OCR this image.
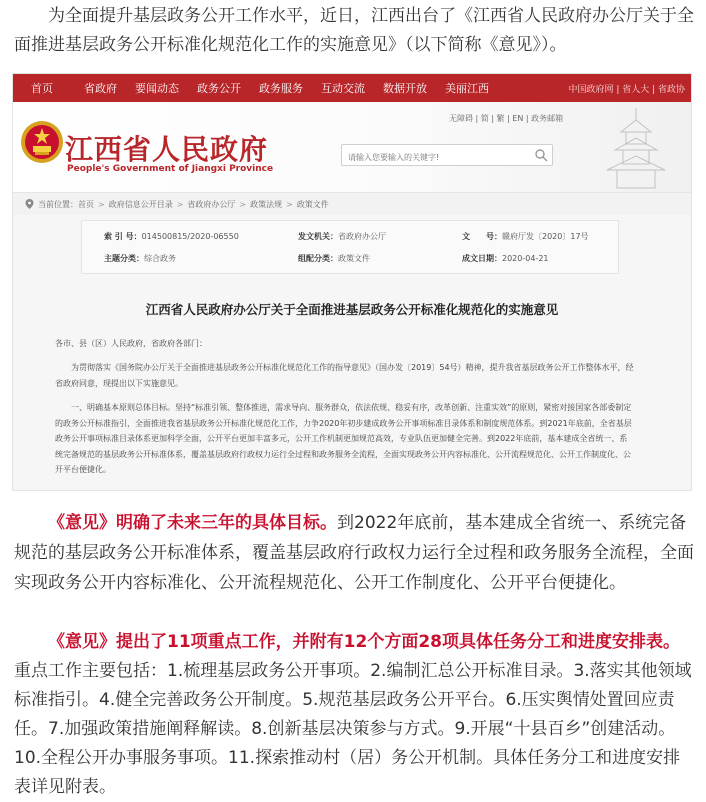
为全面提升基层政务公开工作水平，近日，江西出台了《江西省人民政府办公厅关于全面推进基层政务公开标准化规范化工作的实施意见》（以下简称《意见》）。
首页	省政府	要闻动态	政务公开	政务服务	互动交流	数据开放	美丽江西	中国政府网 | 省人大 | 省政协
江西省人民政府
People's Government of Jiangxi Province
无障碍 | 简 | 繁 | EN | 政务邮箱
请输入您要输入的关键字!
当前位置： 首页 > 政府信息公开目录 > 省政府办公厅 > 政策法规 > 政策文件
索 引 号：014500815/2020-06550	发文机关：省政府办公厅	文　　号：赣府厅发〔2020〕17号
主题分类：综合政务	组配分类：政策文件	成文日期：2020-04-21
江西省人民政府办公厅关于全面推进基层政务公开标准化规范化的实施意见
各市、县（区）人民政府，省政府各部门：
为贯彻落实《国务院办公厅关于全面推进基层政务公开标准化规范化工作的指导意见》（国办发〔2019〕54号）精神，提升我省基层政务公开工作整体水平，经省政府同意，现提出以下实施意见。
一、明确基本原则总体目标。坚持“标准引领、整体推进，需求导向、服务群众，依法依规、稳妥有序，改革创新、注重实效”的原则，紧密对接国家各部委制定的政务公开标准指引，全面推进我省基层政务公开标准化规范化工作，力争2020年初步建成政务公开事项标准目录体系和制度规范体系。到2021年底前，全省基层政务公开事项标准目录体系更加科学全面，公开平台更加丰富多元，公开工作机制更加规范高效，专业队伍更加健全完善。到2022年底前，基本建成全省统一、系统完备规范的基层政务公开标准体系，覆盖基层政府行政权力运行全过程和政务服务全流程，全面实现政务公开内容标准化、公开流程规范化、公开工作制度化、公开平台便捷化。
《意见》明确了未来三年的具体目标。到2022年底前，基本建成全省统一、系统完备规范的基层政务公开标准体系，覆盖基层政府行政权力运行全过程和政务服务全流程，全面实现政务公开内容标准化、公开流程规范化、公开工作制度化、公开平台便捷化。
《意见》提出了11项重点工作，并附有12个方面28项具体任务分工和进度安排表。重点工作主要包括：1.梳理基层政务公开事项。2.编制汇总公开标准目录。3.落实其他领域标准指引。4.健全完善政务公开制度。5.规范基层政务公开平台。6.压实舆情处置回应责任。7.加强政策措施阐释解读。8.创新基层决策参与方式。9.开展“十县百乡”创建活动。10.全程公开办事服务事项。11.探索推动村（居）务公开机制。具体任务分工和进度安排表详见附表。
